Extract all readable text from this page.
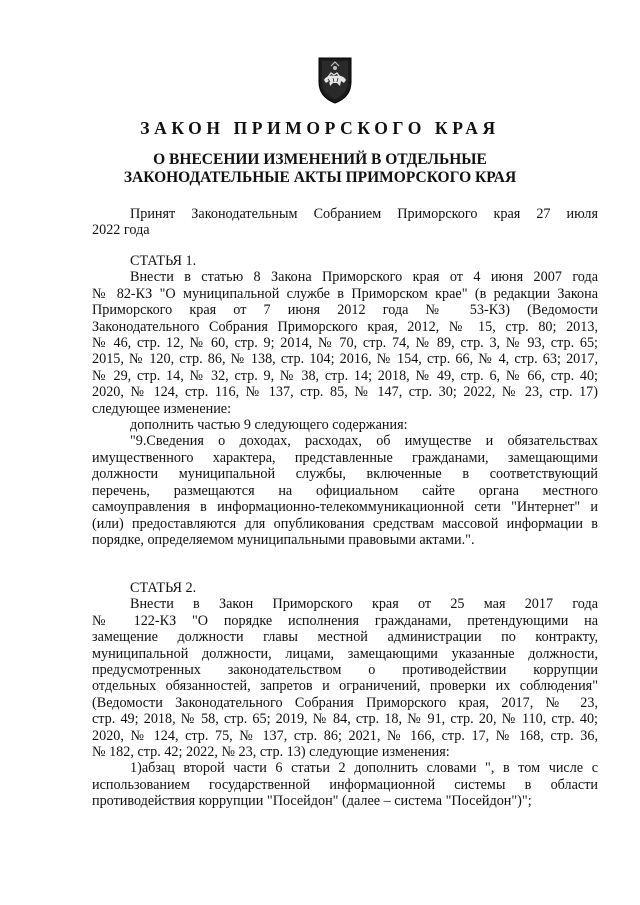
ЗАКОН ПРИМОРСКОГО КРАЯ
О ВНЕСЕНИИ ИЗМЕНЕНИЙ В ОТДЕЛЬНЫЕ
ЗАКОНОДАТЕЛЬНЫЕ АКТЫ ПРИМОРСКОГО КРАЯ
Принят Законодательным Собранием Приморского края 27 июля
2022 года
СТАТЬЯ 1.
Внести в статью 8 Закона Приморского края от 4 июня 2007 года
№ 82-КЗ "О муниципальной службе в Приморском крае" (в редакции Закона
Приморского края от 7 июня 2012 года № 53-КЗ) (Ведомости
Законодательного Собрания Приморского края, 2012, № 15, стр. 80; 2013,
№ 46, стр. 12, № 60, стр. 9; 2014, № 70, стр. 74, № 89, стр. 3, № 93, стр. 65;
2015, № 120, стр. 86, № 138, стр. 104; 2016, № 154, стр. 66, № 4, стр. 63; 2017,
№ 29, стр. 14, № 32, стр. 9, № 38, стр. 14; 2018, № 49, стр. 6, № 66, стр. 40;
2020, № 124, стр. 116, № 137, стр. 85, № 147, стр. 30; 2022, № 23, стр. 17)
следующее изменение:
дополнить частью 9 следующего содержания:
"9.Сведения о доходах, расходах, об имуществе и обязательствах
имущественного характера, представленные гражданами, замещающими
должности муниципальной службы, включенные в соответствующий
перечень, размещаются на официальном сайте органа местного
самоуправления в информационно-телекоммуникационной сети "Интернет" и
(или) предоставляются для опубликования средствам массовой информации в
порядке, определяемом муниципальными правовыми актами.".
СТАТЬЯ 2.
Внести в Закон Приморского края от 25 мая 2017 года
№ 122-КЗ "О порядке исполнения гражданами, претендующими на
замещение должности главы местной администрации по контракту,
муниципальной должности, лицами, замещающими указанные должности,
предусмотренных законодательством о противодействии коррупции
отдельных обязанностей, запретов и ограничений, проверки их соблюдения"
(Ведомости Законодательного Собрания Приморского края, 2017, № 23,
стр. 49; 2018, № 58, стр. 65; 2019, № 84, стр. 18, № 91, стр. 20, № 110, стр. 40;
2020, № 124, стр. 75, № 137, стр. 86; 2021, № 166, стр. 17, № 168, стр. 36,
№ 182, стр. 42; 2022, № 23, стр. 13) следующие изменения:
1)абзац второй части 6 статьи 2 дополнить словами ", в том числе с
использованием государственной информационной системы в области
противодействия коррупции "Посейдон" (далее – система "Посейдон")";
